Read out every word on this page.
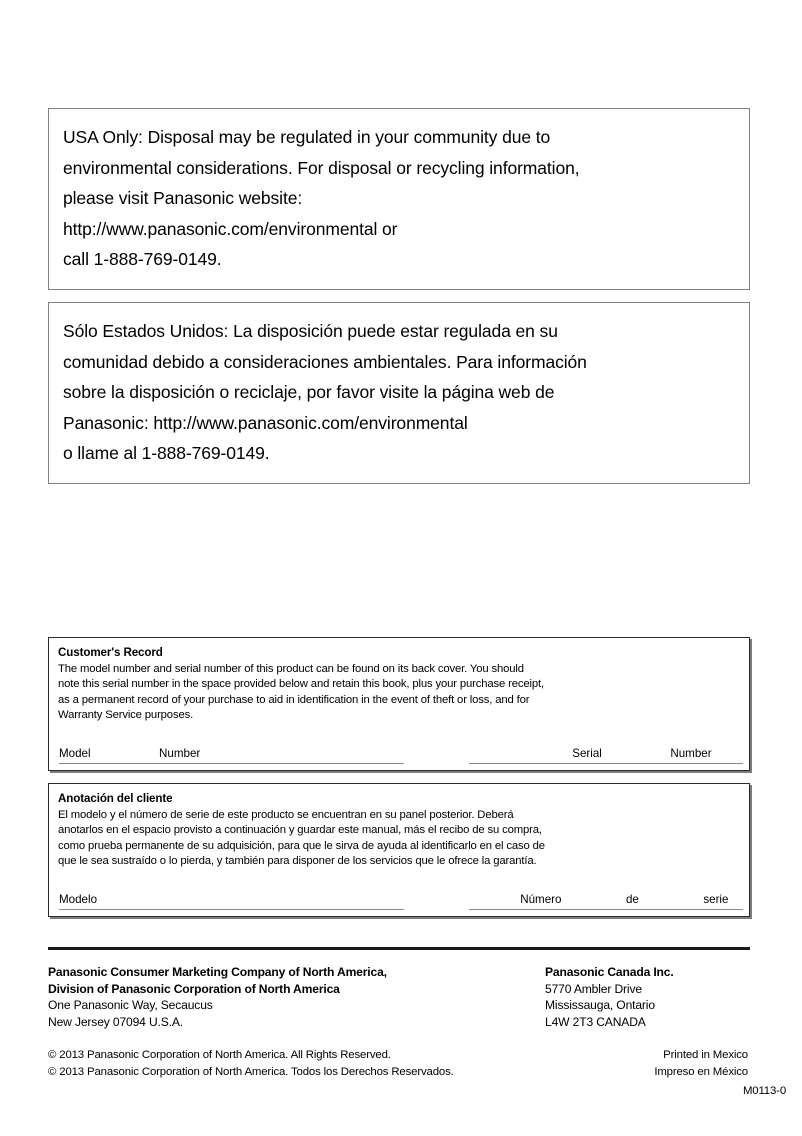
USA Only: Disposal may be regulated in your community due to
environmental considerations. For disposal or recycling information,
please visit Panasonic website:
http://www.panasonic.com/environmental or
call 1-888-769-0149.
Sólo Estados Unidos: La disposición puede estar regulada en su
comunidad debido a consideraciones ambientales. Para información
sobre la disposición o reciclaje, por favor visite la página web de
Panasonic: http://www.panasonic.com/environmental
o llame al 1-888-769-0149.
Customer's Record
The model number and serial number of this product can be found on its back cover. You should
note this serial number in the space provided below and retain this book, plus your purchase receipt,
as a permanent record of your purchase to aid in identification in the event of theft or loss, and for
Warranty Service purposes.
Model	Number	Serial	Number
Anotación del cliente
El modelo y el número de serie de este producto se encuentran en su panel posterior. Deberá
anotarlos en el espacio provisto a continuación y guardar este manual, más el recibo de su compra,
como prueba permanente de su adquisición, para que le sirva de ayuda al identificarlo en el caso de
que le sea sustraído o lo pierda, y también para disponer de los servicios que le ofrece la garantía.
Modelo	Número	de	serie
Panasonic Consumer Marketing Company of North America,
Division of Panasonic Corporation of North America
One Panasonic Way, Secaucus
New Jersey 07094 U.S.A.
Panasonic Canada Inc.
5770 Ambler Drive
Mississauga, Ontario
L4W 2T3 CANADA
© 2013 Panasonic Corporation of North America. All Rights Reserved.	Printed in Mexico
© 2013 Panasonic Corporation of North America. Todos los Derechos Reservados.	Impreso en México
M0113-0
